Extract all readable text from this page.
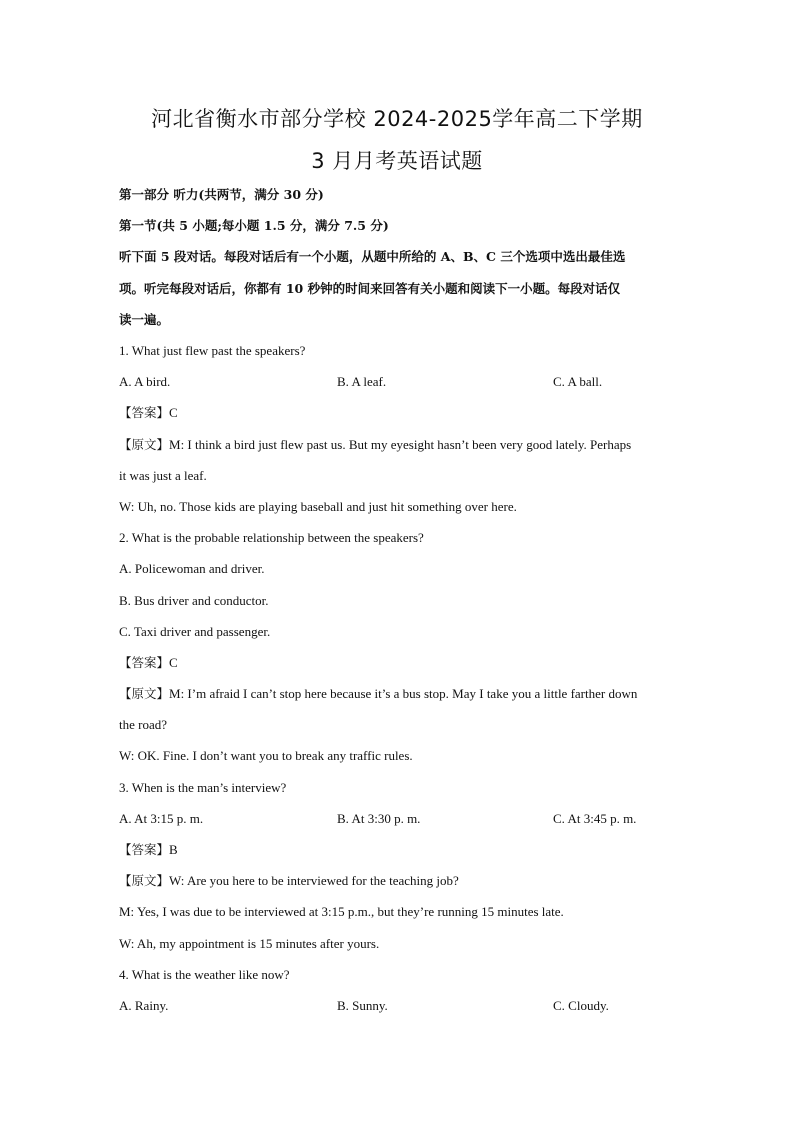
河北省衡水市部分学校 2024-2025学年高二下学期
3 月月考英语试题
第一部分 听力(共两节，满分 30 分)
第一节(共 5 小题;每小题 1.5 分，满分 7.5 分)
听下面 5 段对话。每段对话后有一个小题，从题中所给的 A、B、C 三个选项中选出最佳选
项。听完每段对话后，你都有 10 秒钟的时间来回答有关小题和阅读下一小题。每段对话仅
读一遍。
1. What just flew past the speakers?
A. A bird.	B. A leaf.	C. A ball.
【答案】C
【原文】M: I think a bird just flew past us. But my eyesight hasn’t been very good lately. Perhaps
it was just a leaf.
W: Uh, no. Those kids are playing baseball and just hit something over here.
2. What is the probable relationship between the speakers?
A. Policewoman and driver.
B. Bus driver and conductor.
C. Taxi driver and passenger.
【答案】C
【原文】M: I’m afraid I can’t stop here because it’s a bus stop. May I take you a little farther down
the road?
W: OK. Fine. I don’t want you to break any traffic rules.
3. When is the man’s interview?
A. At 3:15 p. m.	B. At 3:30 p. m.	C. At 3:45 p. m.
【答案】B
【原文】W: Are you here to be interviewed for the teaching job?
M: Yes, I was due to be interviewed at 3:15 p.m., but they’re running 15 minutes late.
W: Ah, my appointment is 15 minutes after yours.
4. What is the weather like now?
A. Rainy.	B. Sunny.	C. Cloudy.
